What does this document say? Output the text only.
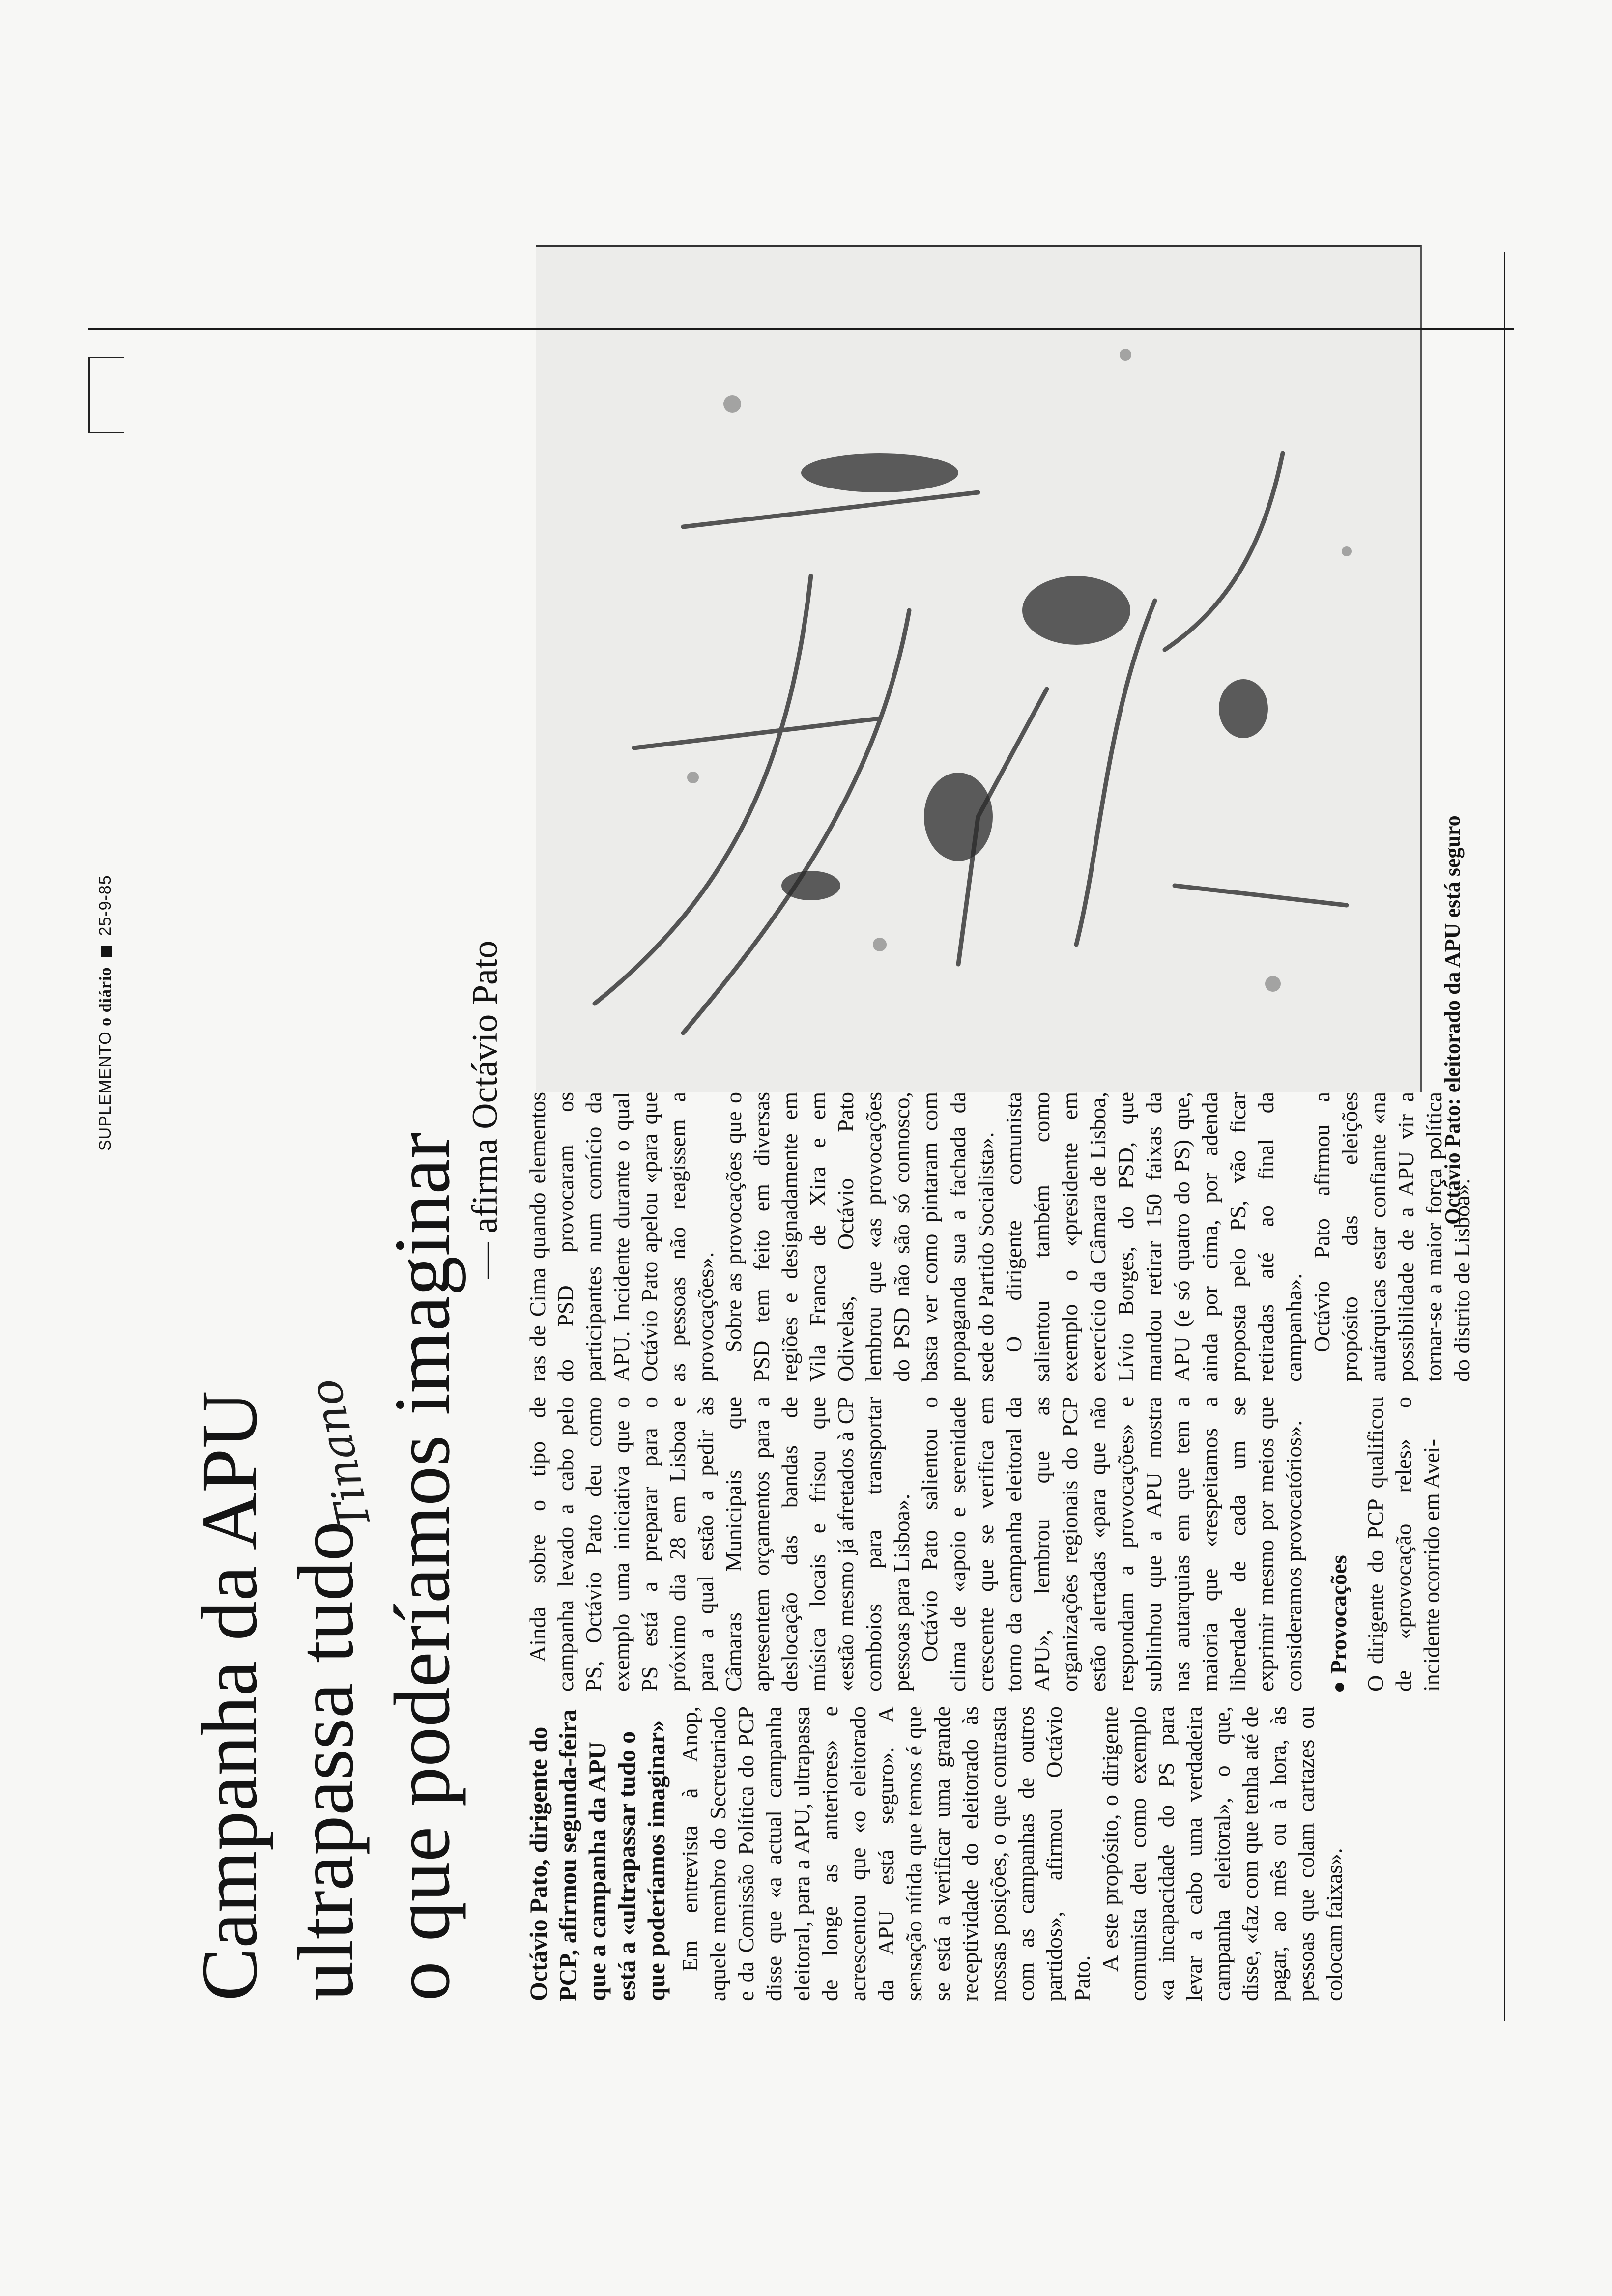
SUPLEMENTO o diário  25-9-85
Campanha da APU ultrapassa tudo o que poderíamos imaginar
Tinano
— afirma Octávio Pato
Octávio Pato, dirigente do PCP, afirmou segunda-feira que a campanha da APU está a «ultrapassar tudo o que poderíamos imaginar» Em entrevista à Anop, aquele membro do Secretariado e da Comissão Política do PCP disse que «a actual campanha eleitoral, para a APU, ultrapassa de longe as anteriores» e acrescentou que «o eleitorado da APU está seguro». A sensação nítida que temos é que se está a verificar uma grande receptividade do eleitorado às nossas posições, o que contrasta com as campanhas de outros partidos», afirmou Octávio Pato.

A este propósito, o dirigente comunista deu como exemplo «a incapacidade do PS para levar a cabo uma verdadeira campanha eleitoral», o que, disse, «faz com que tenha até de pagar, ao mês ou à hora, às pessoas que colam cartazes ou colocam faixas».

Ainda sobre o tipo de campanha levado a cabo pelo PS, Octávio Pato deu como exemplo uma iniciativa que o PS está a preparar para o próximo dia 28 em Lisboa e para a qual estão a pedir às Câmaras Municipais que apresentem orçamentos para a deslocação das bandas de música locais e frisou que «estão mesmo já afretados à CP comboios para transportar pessoas para Lisboa». Octávio Pato salientou o clima de «apoio e serenidade crescente que se verifica em torno da campanha eleitoral da APU», lembrou que as organizações regionais do PCP estão alertadas «para que não respondam a provocações» e sublinhou que a APU mostra nas autarquias em que tem a maioria que «respeitamos a liberdade de cada um se exprimir mesmo por meios que consideramos provocatórios». Provocações O dirigente do PCP qualificou de «provocação reles» o incidente ocorrido em Avei-

ras de Cima quando elementos do PSD provocaram os participantes num comício da APU. Incidente durante o qual Octávio Pato apelou «para que as pessoas não reagissem a provocações». Sobre as provocações que o PSD tem feito em diversas regiões e designadamente em Vila Franca de Xira e em Odivelas, Octávio Pato lembrou que «as provocações do PSD não são só connosco, basta ver como pintaram com propaganda sua a fachada da sede do Partido Socialista». O dirigente comunista salientou também como exemplo o «presidente em exercício da Câmara de Lisboa, Lívio Borges, do PSD, que mandou retirar 150 faixas da APU (e só quatro do PS) que, ainda por cima, por adenda proposta pelo PS, vão ficar retiradas até ao final da campanha». Octávio Pato afirmou a propósito das eleições autárquicas estar confiante «na possibilidade de a APU vir a tornar-se a maior força política do distrito de Lisboa».

Octávio Pato: eleitorado da APU está seguro
